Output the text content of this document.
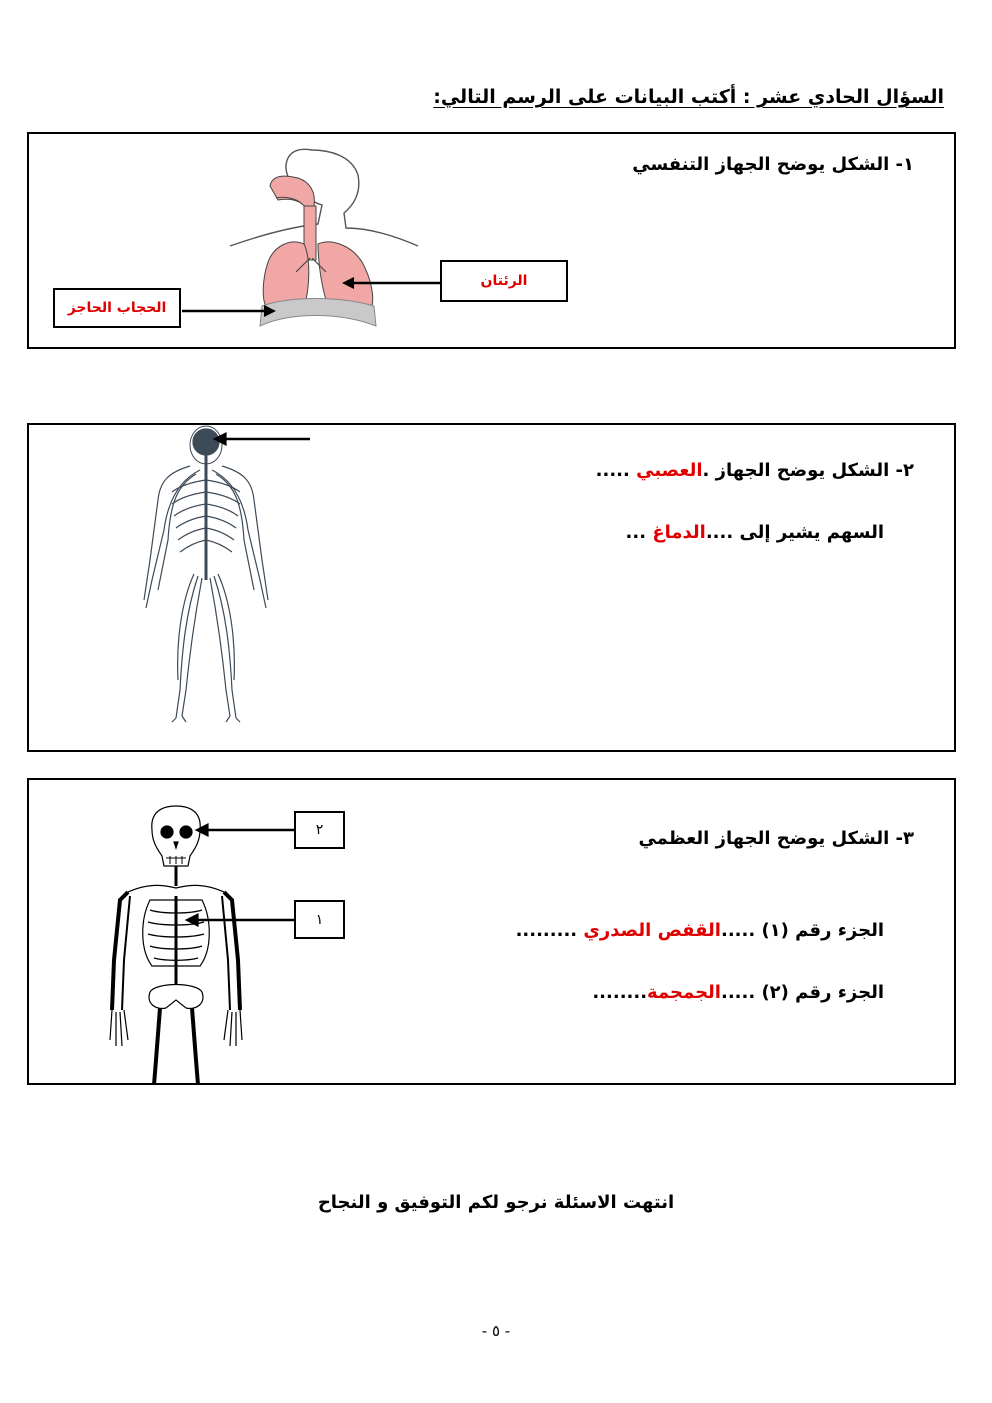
السؤال الحادي عشر : أكتب البيانات على الرسم التالي:
١- الشكل يوضح الجهاز التنفسي
الرئتان
الحجاب الحاجز
٢- الشكل يوضح الجهاز .العصبي .....
السهم يشير إلى ....الدماغ ...
٣- الشكل يوضح الجهاز العظمي
الجزء رقم (١) .....القفص الصدري .........
الجزء رقم (٢) .....الجمجمة........
٢
١
انتهت الاسئلة نرجو لكم التوفيق و النجاح
- ٥ -
